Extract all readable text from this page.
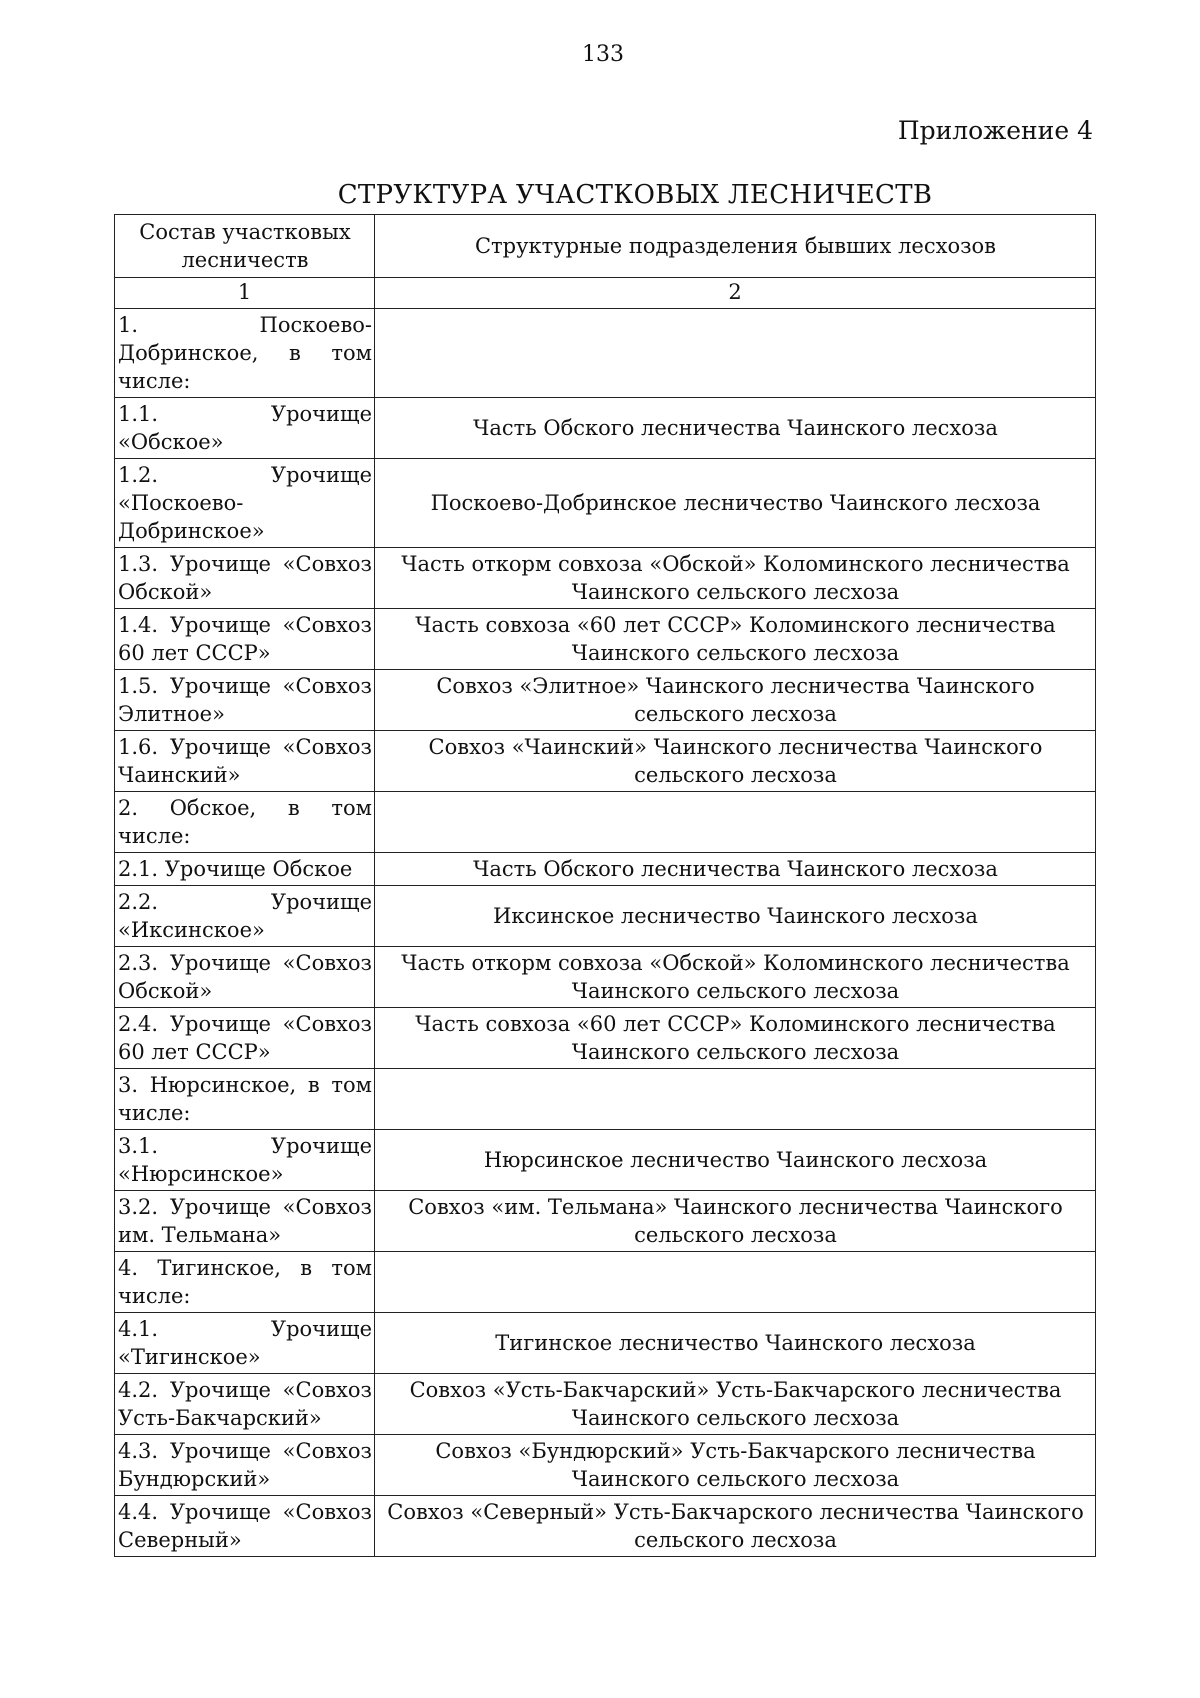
133
Приложение 4
СТРУКТУРА УЧАСТКОВЫХ ЛЕСНИЧЕСТВ
Состав участковых лесничеств	Структурные подразделения бывших лесхозов
1	2
1. Поскоево-Добринское, в том числе:	
1.1. Урочище «Обское»	Часть Обского лесничества Чаинского лесхоза
1.2. Урочище «Поскоево-Добринское»	Поскоево-Добринское лесничество Чаинского лесхоза
1.3. Урочище «Совхоз Обской»	Часть откорм совхоза «Обской» Коломинского лесничества Чаинского сельского лесхоза
1.4. Урочище «Совхоз 60 лет СССР»	Часть совхоза «60 лет СССР» Коломинского лесничества Чаинского сельского лесхоза
1.5. Урочище «Совхоз Элитное»	Совхоз «Элитное» Чаинского лесничества Чаинского сельского лесхоза
1.6. Урочище «Совхоз Чаинский»	Совхоз «Чаинский» Чаинского лесничества Чаинского сельского лесхоза
2. Обское, в том числе:	
2.1. Урочище Обское	Часть Обского лесничества Чаинского лесхоза
2.2. Урочище «Иксинское»	Иксинское лесничество Чаинского лесхоза
2.3. Урочище «Совхоз Обской»	Часть откорм совхоза «Обской» Коломинского лесничества Чаинского сельского лесхоза
2.4. Урочище «Совхоз 60 лет СССР»	Часть совхоза «60 лет СССР» Коломинского лесничества Чаинского сельского лесхоза
3. Нюрсинское, в том числе:	
3.1. Урочище «Нюрсинское»	Нюрсинское лесничество Чаинского лесхоза
3.2. Урочище «Совхоз им. Тельмана»	Совхоз «им. Тельмана» Чаинского лесничества Чаинского сельского лесхоза
4. Тигинское, в том числе:	
4.1. Урочище «Тигинское»	Тигинское лесничество Чаинского лесхоза
4.2. Урочище «Совхоз Усть-Бакчарский»	Совхоз «Усть-Бакчарский» Усть-Бакчарского лесничества Чаинского сельского лесхоза
4.3. Урочище «Совхоз Бундюрский»	Совхоз «Бундюрский» Усть-Бакчарского лесничества Чаинского сельского лесхоза
4.4. Урочище «Совхоз Северный»	Совхоз «Северный» Усть-Бакчарского лесничества Чаинского сельского лесхоза
